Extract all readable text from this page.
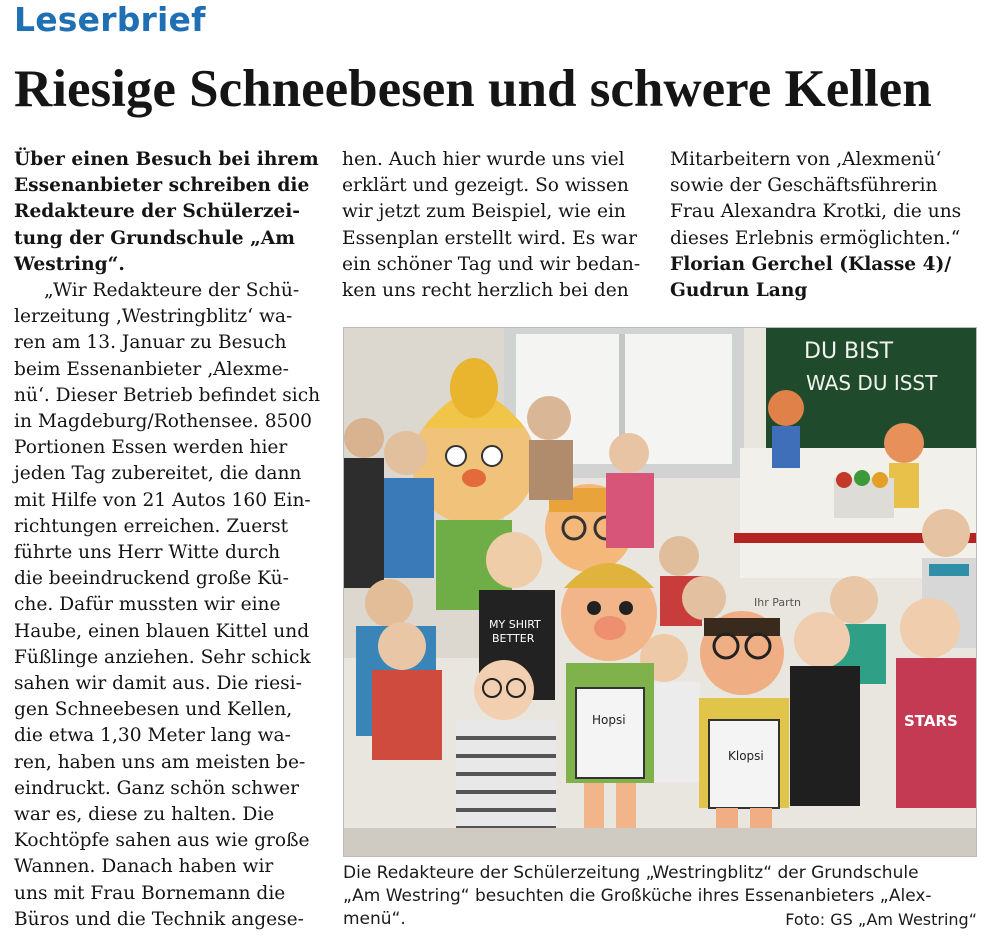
Leserbrief
Riesige Schneebesen und schwere Kellen

Über einen Besuch bei ihrem
Essenanbieter schreiben die
Redakteure der Schülerzei-
tung der Grundschule „Am
Westring“.

„Wir Redakteure der Schü-
lerzeitung ‚Westringblitz‘ wa-
ren am 13. Januar zu Besuch
beim Essenanbieter ‚Alexme-
nü‘. Dieser Betrieb befindet sich
in Magdeburg/Rothensee. 8500
Portionen Essen werden hier
jeden Tag zubereitet, die dann
mit Hilfe von 21 Autos 160 Ein-
richtungen erreichen. Zuerst
führte uns Herr Witte durch
die beeindruckend große Kü-
che. Dafür mussten wir eine
Haube, einen blauen Kittel und
Füßlinge anziehen. Sehr schick
sahen wir damit aus. Die riesi-
gen Schneebesen und Kellen,
die etwa 1,30 Meter lang wa-
ren, haben uns am meisten be-
eindruckt. Ganz schön schwer
war es, diese zu halten. Die
Kochtöpfe sahen aus wie große
Wannen. Danach haben wir
uns mit Frau Bornemann die
Büros und die Technik angese-

hen. Auch hier wurde uns viel
erklärt und gezeigt. So wissen
wir jetzt zum Beispiel, wie ein
Essenplan erstellt wird. Es war
ein schöner Tag und wir bedan-
ken uns recht herzlich bei den
Mitarbeitern von ‚Alexmenü‘
sowie der Geschäftsführerin
Frau Alexandra Krotki, die uns
dieses Erlebnis ermöglichten.“
Florian Gerchel (Klasse 4)/
Gudrun Lang
DU BIST
WAS DU ISST
Ihr Partn
MY SHIRT
BETTER
STARS
Hopsi
Klopsi
Die Redakteure der Schülerzeitung „Westringblitz“ der Grundschule
„Am Westring“ besuchten die Großküche ihres Essenanbieters „Alex-
menü“.	Foto: GS „Am Westring“
